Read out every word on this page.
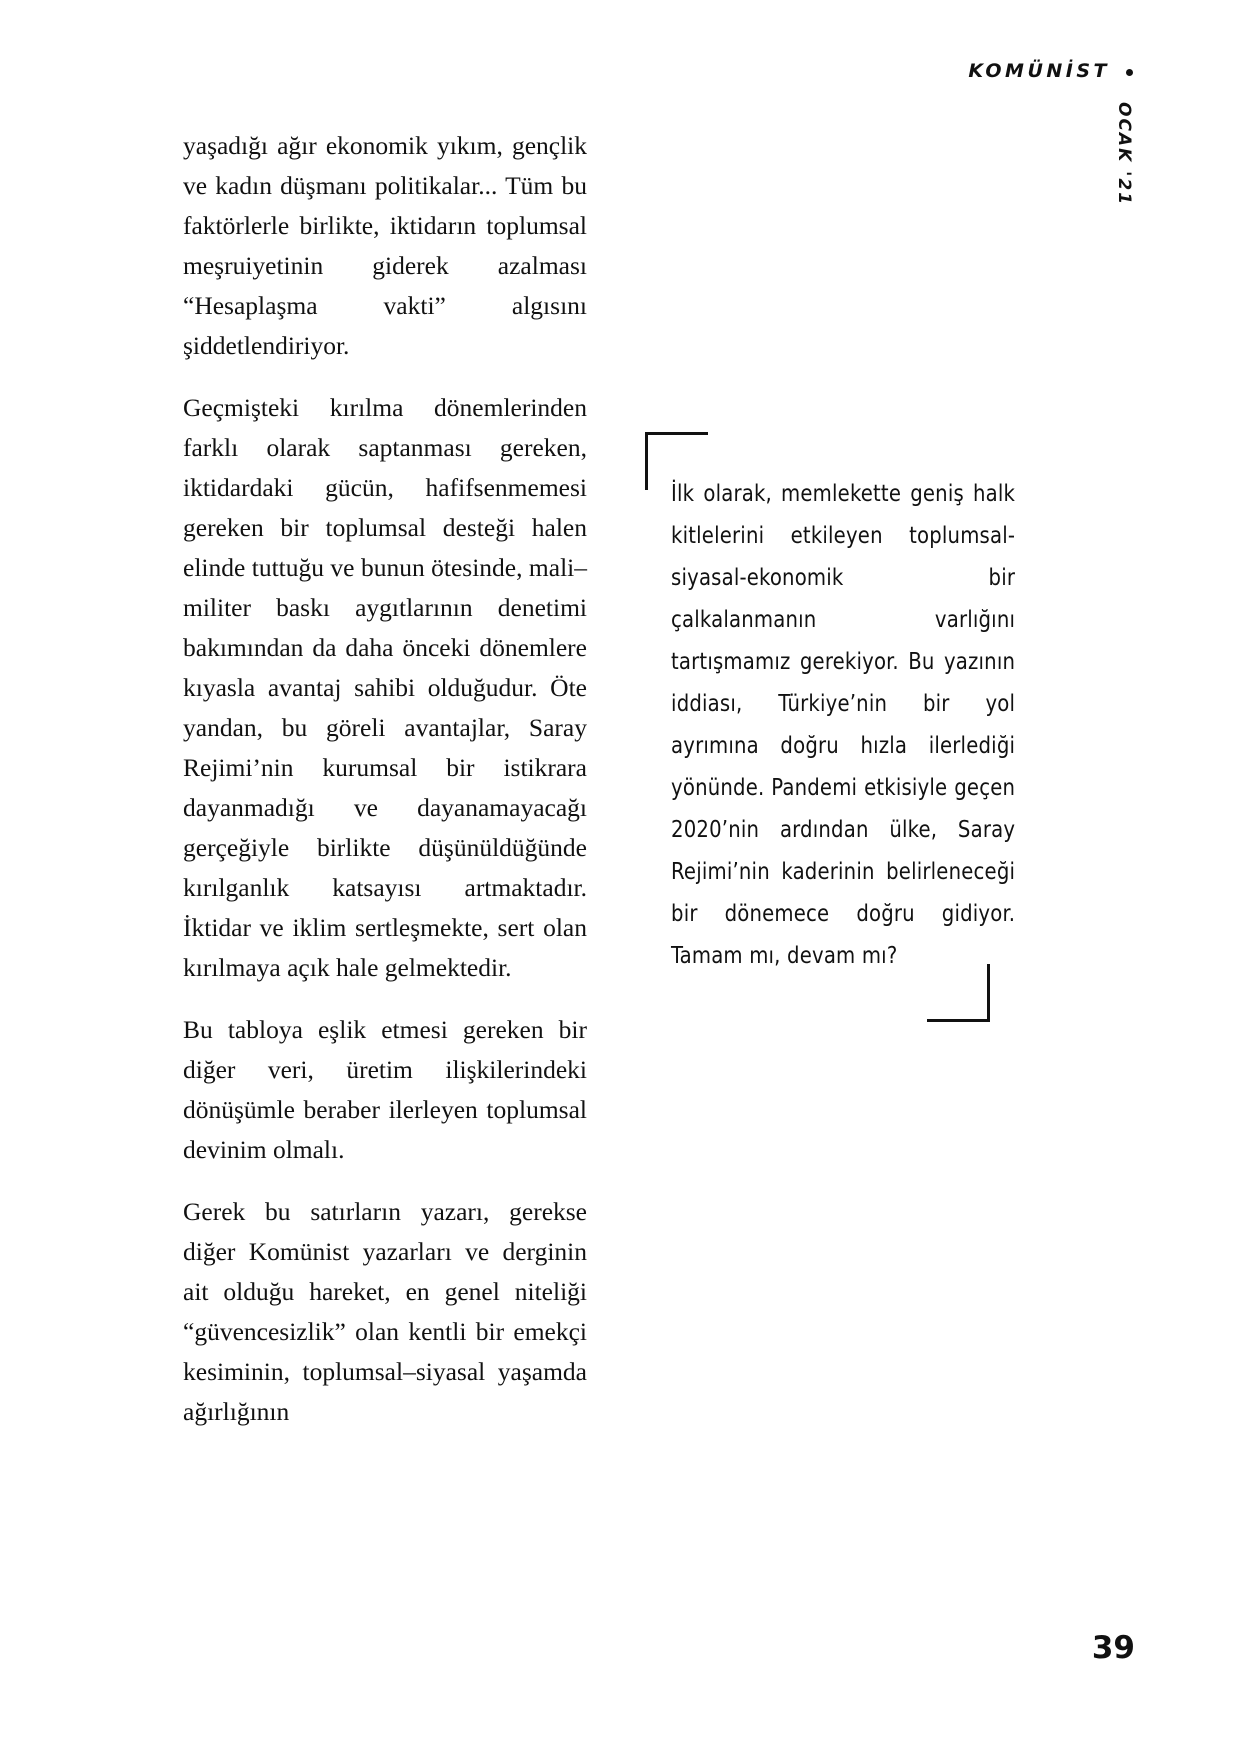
KOMÜNİST
OCAK '21

yaşadığı ağır ekonomik yıkım, gençlik ve kadın düşmanı politikalar... Tüm bu faktörlerle birlikte, iktidarın toplumsal meşruiyetinin giderek azalması “Hesaplaşma vakti” algısını şiddetlendiriyor.

Geçmişteki kırılma dönemlerinden farklı olarak saptanması gereken, iktidardaki gücün, hafifsenmemesi gereken bir toplumsal desteği halen elinde tuttuğu ve bunun ötesinde, mali–militer baskı aygıtlarının denetimi bakımından da daha önceki dönemlere kıyasla avantaj sahibi olduğudur. Öte yandan, bu göreli avantajlar, Saray Rejimi’nin kurumsal bir istikrara dayanmadığı ve dayanamayacağı gerçeğiyle birlikte düşünüldüğünde kırılganlık katsayısı artmaktadır. İktidar ve iklim sertleşmekte, sert olan kırılmaya açık hale gelmektedir.

Bu tabloya eşlik etmesi gereken bir diğer veri, üretim ilişkilerindeki dönüşümle beraber ilerleyen toplumsal devinim olmalı.

Gerek bu satırların yazarı, gerekse diğer Komünist yazarları ve derginin ait olduğu hareket, en genel niteliği “güvencesizlik” olan kentli bir emekçi kesiminin, toplumsal–siyasal yaşamda ağırlığının

İlk olarak, memlekette geniş halk kitlelerini etkileyen toplumsal-siyasal-ekonomik bir çalkalanmanın varlığını tartışmamız gerekiyor. Bu yazının iddiası, Türkiye’nin bir yol ayrımına doğru hızla ilerlediği yönünde. Pandemi etkisiyle geçen 2020’nin ardından ülke, Saray Rejimi’nin kaderinin belirleneceği bir dönemece doğru gidiyor. Tamam mı, devam mı?
39
